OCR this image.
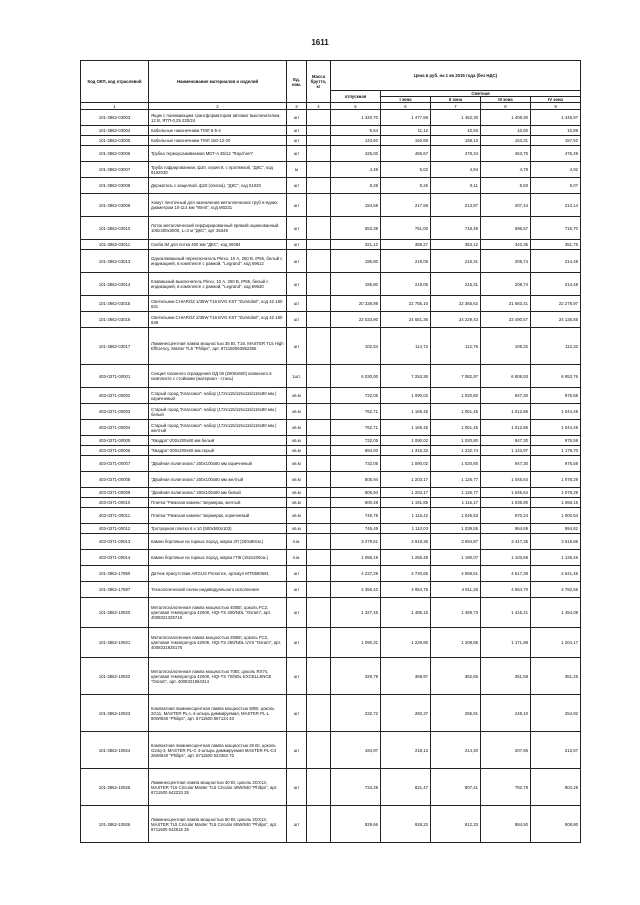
1611
Код ОКП, код отраслевой	Наименование материалов и изделий	Ед. изм.	Масса брутто, кг	Цена в руб. на 1 кв 2015 года (без НДС)				
				отпускная	Сметная			
					I зона	II зона	III зона	IV зона
1	2	3	4	5	6	7	8	9
101-3862-03003	Ящик с понижающим трансформатором автомат выключателем, 12 В, ЯТП-0,25 220/24	шт		1 320,70	1 477,69	1 452,30	1 408,30	1 446,97
101-3862-03004	Кабельные наконечники ТМЛ 6-5-4	шт		9,64	11,12	10,93	10,60	10,89
101-3862-03005	Кабельные наконечники ТМЛ 150-12-20	шт		143,60	160,68	158,13	153,31	157,52
101-3862-03006	Трубка термоусаживаемая MDT-A 35/12 "Raychem"	шт		425,00	466,67	478,34	463,75	476,49
101-3862-03007	Труба гофрированная, ф20, серия 9, с протяжкой, "ДКС", код 9192030	м		4,49	5,02	4,94	4,79	4,92
101-3862-03008	Держатель с защелкой, ф20 (списка), "ДКС", код 51020	шт		8,28	9,26	9,11	8,83	9,07
101-3862-03009	Хомут ленточный для заземления металлических труб в-ядних диаметром 10-114 мм "Werit", код M0231	шт		194,58	217,69	213,97	207,44	213,14
101-3862-03010	Лоток металлический перфорированный прямой оцинкованный 100х400х3000, L=3 м "ДКС", арт 35349	шт		653,38	751,00	718,49	696,57	715,70
101-3862-03011	Скоба IM для лотка 400 мм "ДКС", код 30084	шт		321,12	359,27	353,12	342,35	351,75
101-3862-03013	Одноклавишный переключатель Plexo, 10 А, 250 В, IP55, белый с индикацией, в комплекте с рамкой, "Legrand", код 69612	шт		195,80	219,06	215,31	208,74	214,48
101-3862-03014	Клавишный выключатель Plexo, 10 А, 250 В, IP55, белый с индикацией, в комплекте с рамкой, "Legrand", код 69630	шт		195,80	219,06	215,31	208,74	214,48
101-3862-03015	Светильник CHIAROZ 1/35W T16 EVG KST "Zumtobel", код 42 180 631	шт		20 338,98	22 755,10	22 365,62	21 683,41	22 278,97
101-3862-03016	Светильник CHIAROZ 2/35W T16 EVG KST "Zumtobel", код 42 180 638	шт		22 033,90	24 651,36	24 229,43	23 490,57	24 135,55
101-3862-03017	Люминесцентная лампа мощностью 35 Вт, T16, MASTER TL5 High Efficiency, Master TL5 "Philips", арт. 871150063952355	шт		102,54	114,72	112,76	109,32	112,32
403-0371-00001	Секция газонного ограждения ОД 06 (2000х600) кованного в комплекте с стойками (материал - сталь)	1шт.		6 030,00	7 253,30	7 082,97	6 808,93	6 953,76
403-0371-00002	Старый город "Классика"- набор (172х115/115х115/115х80 мм.) коричневый	кв.м		732,05	1 090,02	1 020,80	947,30	976,58
403-0371-00003	Старый город "Классика"- набор (172х115/115х115/115х80 мм.) белый	кв.м		762,71	1 165,45	1 061,45	1 012,86	1 044,49
403-0371-00004	Старый город "Классика"- набор (172х115/115х115/115х80 мм.) желтый	кв.м		762,71	1 165,45	1 061,45	1 012,86	1 044,49
403-0371-00005	"Квадра"-200х200х60 мм белый	кв.м		732,05	1 090,02	1 020,80	947,30	976,58
403-0371-00006	"Квадра"-200х200х60 мм.серый	кв.м		884,00	1 316,32	1 232,74	1 143,97	1 179,70
403-0371-00007	"Двойная полигональ" 200х100х80 мм коричневый	кв.м		732,05	1 090,02	1 020,80	947,30	976,58
403-0371-00008	"Двойная полигональ" 200х100х80 мм желтый	кв.м		805,94	1 203,17	1 126,77	1 045,64	1 078,29
403-0371-00009	"Двойная полигональ" 200х100х80 мм белый	кв.м		805,94	1 203,17	1 126,77	1 045,64	1 078,29
403-0371-00010	Плитка "Римская камень" Бермерак, желтый	кв.м		800,48	1 191,85	1 116,17	1 035,80	1 068,15
403-0371-00011	Плитка "Римская камень" Бермерак, коричневый	кв.м		746,78	1 115,42	1 045,53	970,24	1 000,54
403-0371-00012	Тротуарная плитка 6 х 10 (500х500х103)	кв.м		745,49	1 110,03	1 039,55	964,69	994,82
403-0371-00013	Камни бортовые из горных пород, марка 3П (200х80см.)	п.м.		3 279,61	3 918,36	3 694,87	3 417,35	3 518,85
403-0371-00014	Камни бортовые из горных пород, марка ГП6 (152х200см.)	п.м.		1 058,19	1 255,48	1 190,07	1 103,68	1 135,46
101-3862-17850	Датчик присутствия ARGUS Presence, артикул MTN550591	шт		4 237,29	4 740,65	4 659,51	4 517,38	4 641,45
101-3862-17887	Технологический лючок индивидуального исполнения	шт		4 356,10	4 854,76	4 811,25	4 654,70	4 782,55
101-3862-10920	Металлогалогенная лампа мощностью 400Вт, цоколь FC2, цветовая температура 4200К, HQI-TS 400/NDL "Osram", арт. 4008321325716	шт		1 327,45	1 485,15	1 459,73	1 415,21	1 454,08
101-3852-10921	Металлогалогенная лампа мощностью 250Вт, цоколь FC2, цветовая температура 4200К, HQI-TS 250/NDL UVS "Osram", арт. 4008321925178	шт		1 090,31	1 229,80	1 208,85	1 171,98	1 204,17
101-3862-10922	Металлогалогенная лампа мощностью 70Вт, цоколь RX7s, цветовая температура 4200К, HQI-TS 70/NDL EXCELLENCE "Osram", арт. 4008321964314	шт		329,79	368,97	362,65	351,59	361,25
101-3862-10923	Компактная люминесцентная лампа мощностью 80Вт, цоколь 2G11, MASTER PL-L 4-штырь диммируемая, MASTER PL-L 80W/840 "Philips", арт. 8711500 867124 40	шт		232,72	260,37	255,91	248,10	254,92
101-3862-10924	Компактная люминесцентная лампа мощностью 26 Вт, цоколь G24q-3, MASTER PL-C 4-штырь диммируемая MASTER PL-C4 26W/840 "Philips", арт. 8711500 623362 70	шт		194,97	218,13	214,40	207,86	213,57
101-3862-10925	Люминесцентная лампа мощностью 40 Вт, цоколь 2GX13, MASTER TL5 Circular Master TL5 Circular 40W/840 "Philips", арт. 8711500 642233 25	шт		734,29	821,47	807,41	782,78	804,28
101-3862-10926	Люминесцентная лампа мощностью 60 Вт, цоколь 2GX13, MASTER TL5 Circular Master TL5 Circular 60W/840 "Philips", арт. 8711500 642615 25	шт		829,66	928,22	912,33	884,50	908,80
